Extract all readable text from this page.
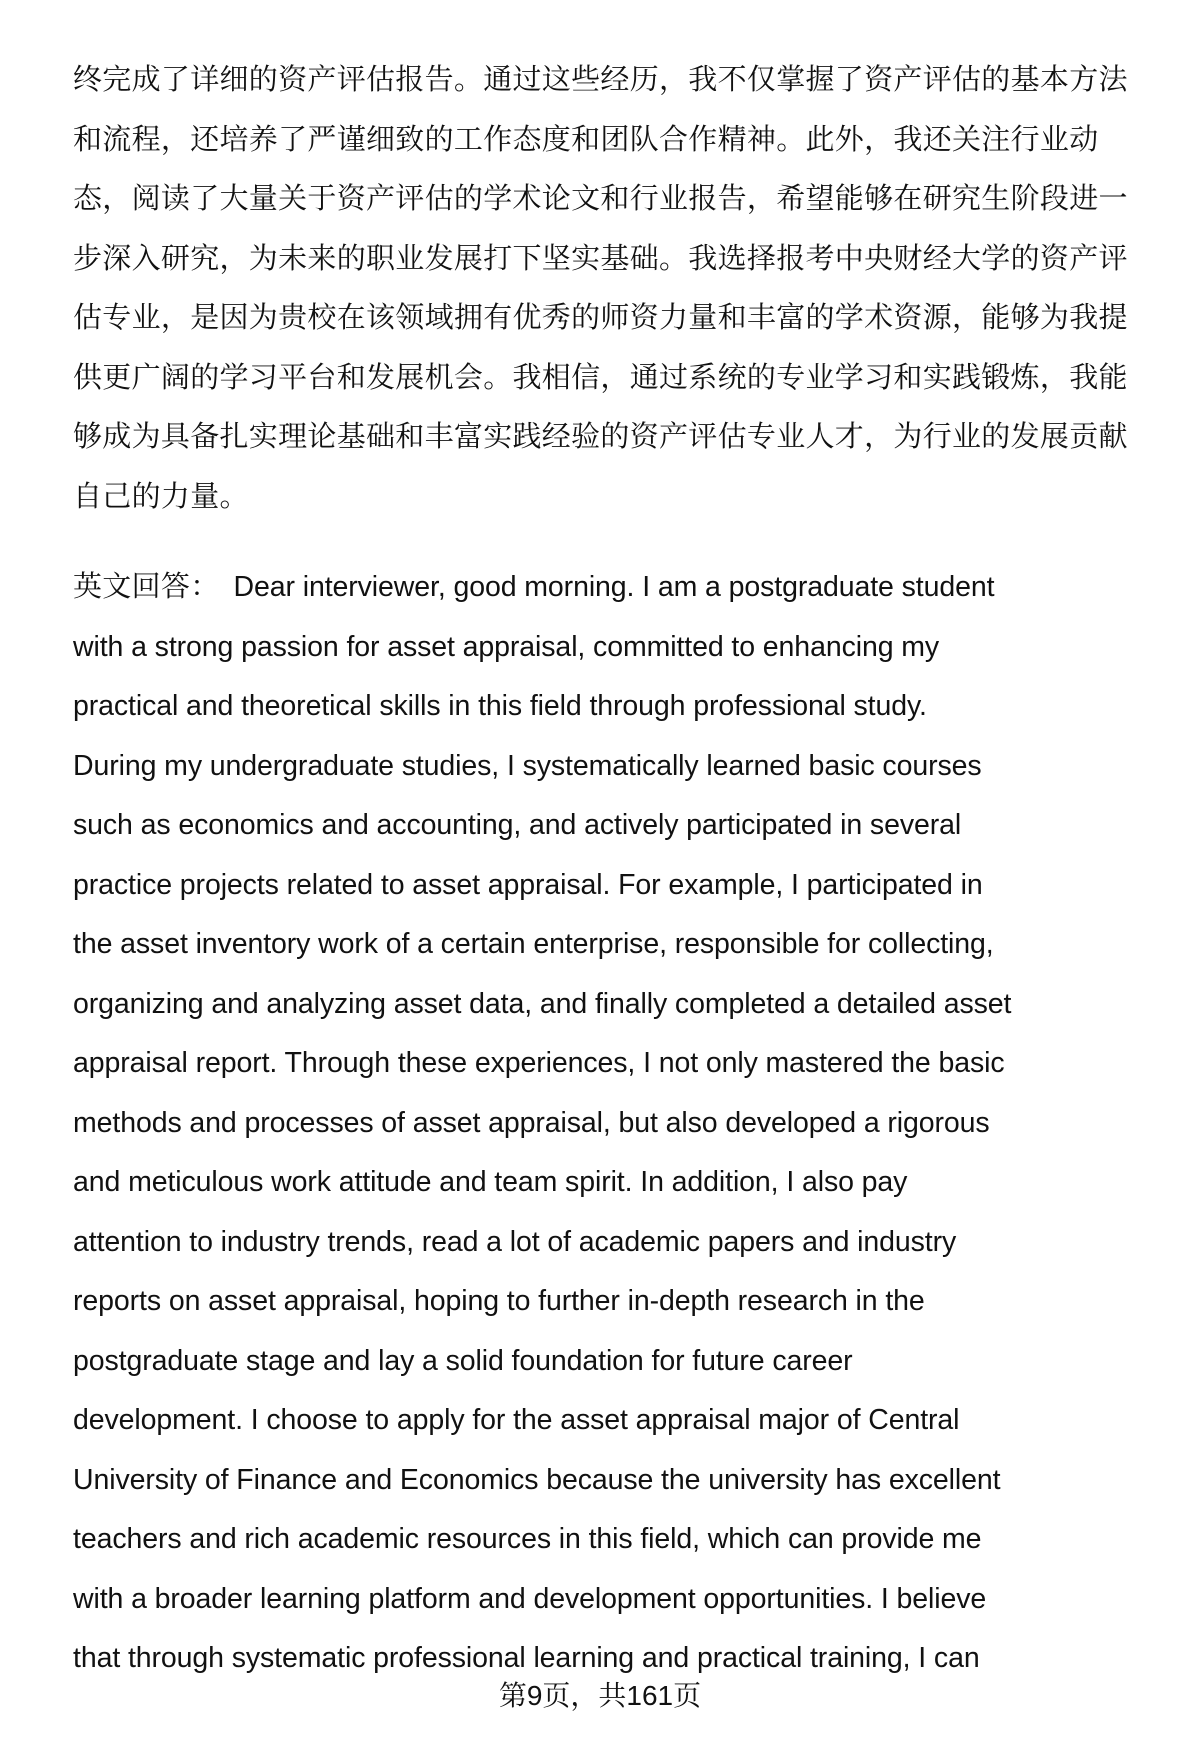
终完成了详细的资产评估报告。通过这些经历，我不仅掌握了资产评估的基本方法
和流程，还培养了严谨细致的工作态度和团队合作精神。此外，我还关注行业动
态，阅读了大量关于资产评估的学术论文和行业报告，希望能够在研究生阶段进一
步深入研究，为未来的职业发展打下坚实基础。我选择报考中央财经大学的资产评
估专业，是因为贵校在该领域拥有优秀的师资力量和丰富的学术资源，能够为我提
供更广阔的学习平台和发展机会。我相信，通过系统的专业学习和实践锻炼，我能
够成为具备扎实理论基础和丰富实践经验的资产评估专业人才，为行业的发展贡献
自己的力量。
英文回答： Dear interviewer, good morning. I am a postgraduate student
with a strong passion for asset appraisal, committed to enhancing my
practical and theoretical skills in this field through professional study.
During my undergraduate studies, I systematically learned basic courses
such as economics and accounting, and actively participated in several
practice projects related to asset appraisal. For example, I participated in
the asset inventory work of a certain enterprise, responsible for collecting,
organizing and analyzing asset data, and finally completed a detailed asset
appraisal report. Through these experiences, I not only mastered the basic
methods and processes of asset appraisal, but also developed a rigorous
and meticulous work attitude and team spirit. In addition, I also pay
attention to industry trends, read a lot of academic papers and industry
reports on asset appraisal, hoping to further in-depth research in the
postgraduate stage and lay a solid foundation for future career
development. I choose to apply for the asset appraisal major of Central
University of Finance and Economics because the university has excellent
teachers and rich academic resources in this field, which can provide me
with a broader learning platform and development opportunities. I believe
that through systematic professional learning and practical training, I can
第9页，共161页
